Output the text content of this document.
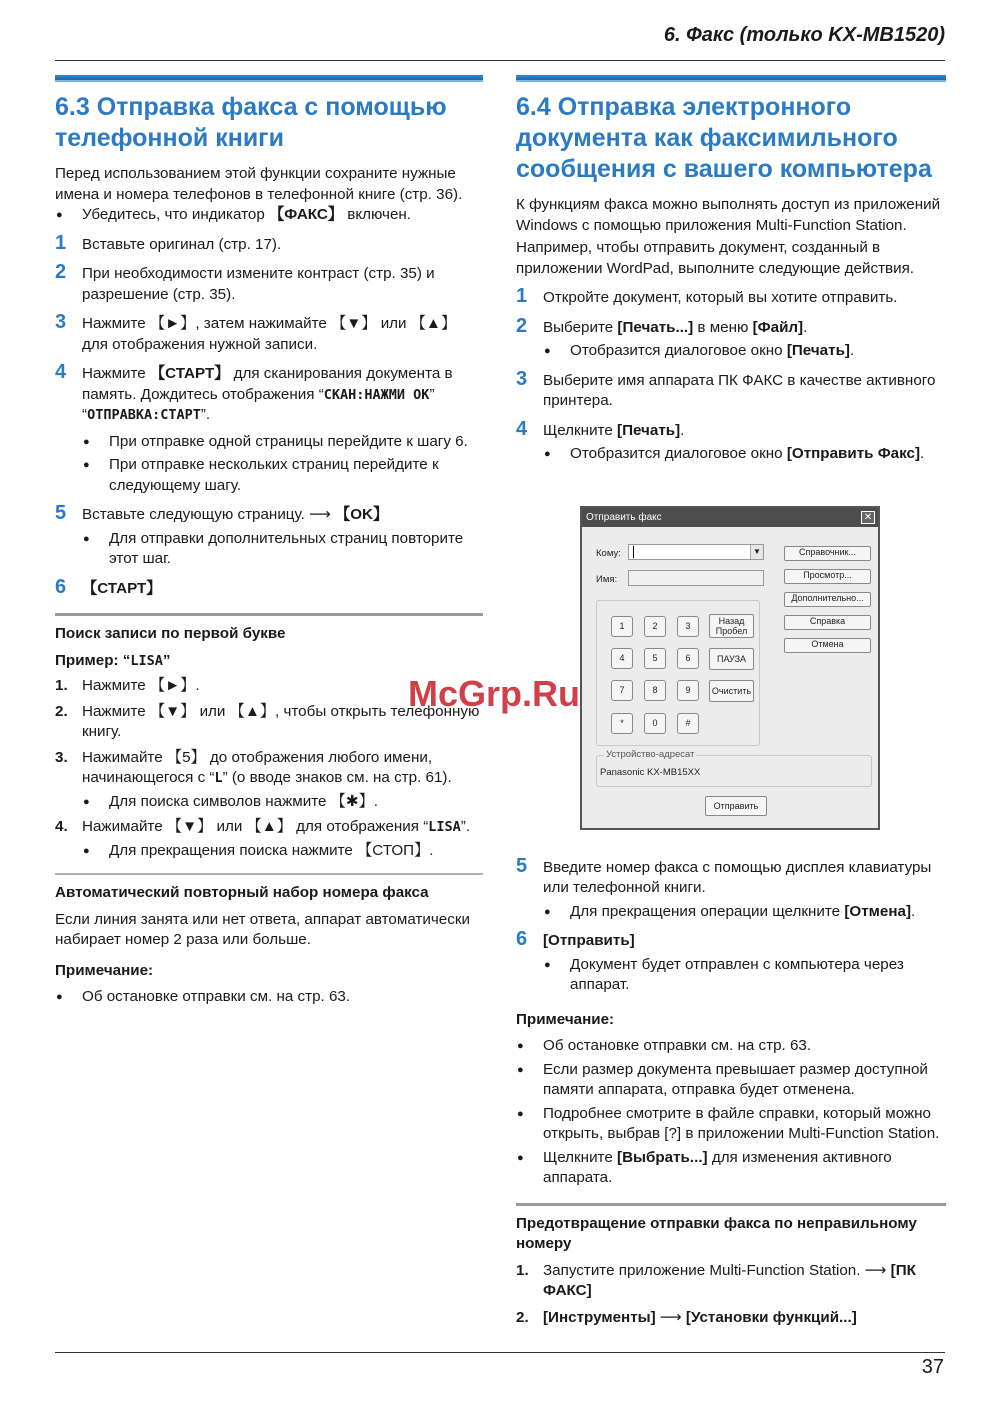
6. Факс (только KX-MB1520)
6.3 Отправка факса с помощью телефонной книги

Перед использованием этой функции сохраните нужные имена и номера телефонов в телефонной книге (стр. 36).

● Убедитесь, что индикатор 【ФАКС】 включен.

1 Вставьте оригинал (стр. 17).
2 При необходимости измените контраст (стр. 35) и разрешение (стр. 35).
3 Нажмите 【►】, затем нажимайте 【▼】 или 【▲】 для отображения нужной записи.
4 Нажмите 【СТАРТ】 для сканирования документа в память. Дождитесь отображения “СКАН:НАЖМИ OK” “ОТПРАВКА:СТАРТ”.

● При отправке одной страницы перейдите к шагу 6.

● При отправке нескольких страниц перейдите к следующему шагу.

5 Вставьте следующую страницу. ⟶ 【OK】

● Для отправки дополнительных страниц повторите этот шаг.

6 【СТАРТ】

Поиск записи по первой букве

Пример: “LISA”

1. Нажмите 【►】.
2. Нажмите 【▼】 или 【▲】, чтобы открыть телефонную книгу.
3. Нажимайте 【5】 до отображения любого имени, начинающегося с “L” (о вводе знаков см. на стр. 61).

● Для поиска символов нажмите 【✱】.

4. Нажимайте 【▼】 или 【▲】 для отображения “LISA”.

● Для прекращения поиска нажмите 【СТОП】.

Автоматический повторный набор номера факса

Если линия занята или нет ответа, аппарат автоматически набирает номер 2 раза или больше.

Примечание:

● Об остановке отправки см. на стр. 63.

6.4 Отправка электронного документа как факсимильного сообщения с вашего компьютера

К функциям факса можно выполнять доступ из приложений Windows с помощью приложения Multi-Function Station.

Например, чтобы отправить документ, созданный в приложении WordPad, выполните следующие действия.

1 Откройте документ, который вы хотите отправить.
2 Выберите [Печать...] в меню [Файл].

● Отобразится диалоговое окно [Печать].

3 Выберите имя аппарата ПК ФАКС в качестве активного принтера.
4 Щелкните [Печать].

● Отобразится диалоговое окно [Отправить Факс].

5 Введите номер факса с помощью дисплея клавиатуры или телефонной книги.

● Для прекращения операции щелкните [Отмена].

6 [Отправить]

● Документ будет отправлен с компьютера через аппарат.

Примечание:

● Об остановке отправки см. на стр. 63.

● Если размер документа превышает размер доступной памяти аппарата, отправка будет отменена.

● Подробнее смотрите в файле справки, который можно открыть, выбрав [?] в приложении Multi-Function Station.

● Щелкните [Выбрать...] для изменения активного аппарата.

Предотвращение отправки факса по неправильному номеру

1. Запустите приложение Multi-Function Station. ⟶ [ПК ФАКС]
2. [Инструменты] ⟶ [Установки функций...]
Отправить факс	✕
Кому:	▼
Имя:
Справочник...
Просмотр...
Дополнительно...
Справка
Отмена
1	2	3
4	5	6
7	8	9
*	0	#
Назад
Пробел
ПАУЗА
Очистить
Устройство-адресат
Panasonic KX-MB15XX
Отправить
McGrp.Ru
37
